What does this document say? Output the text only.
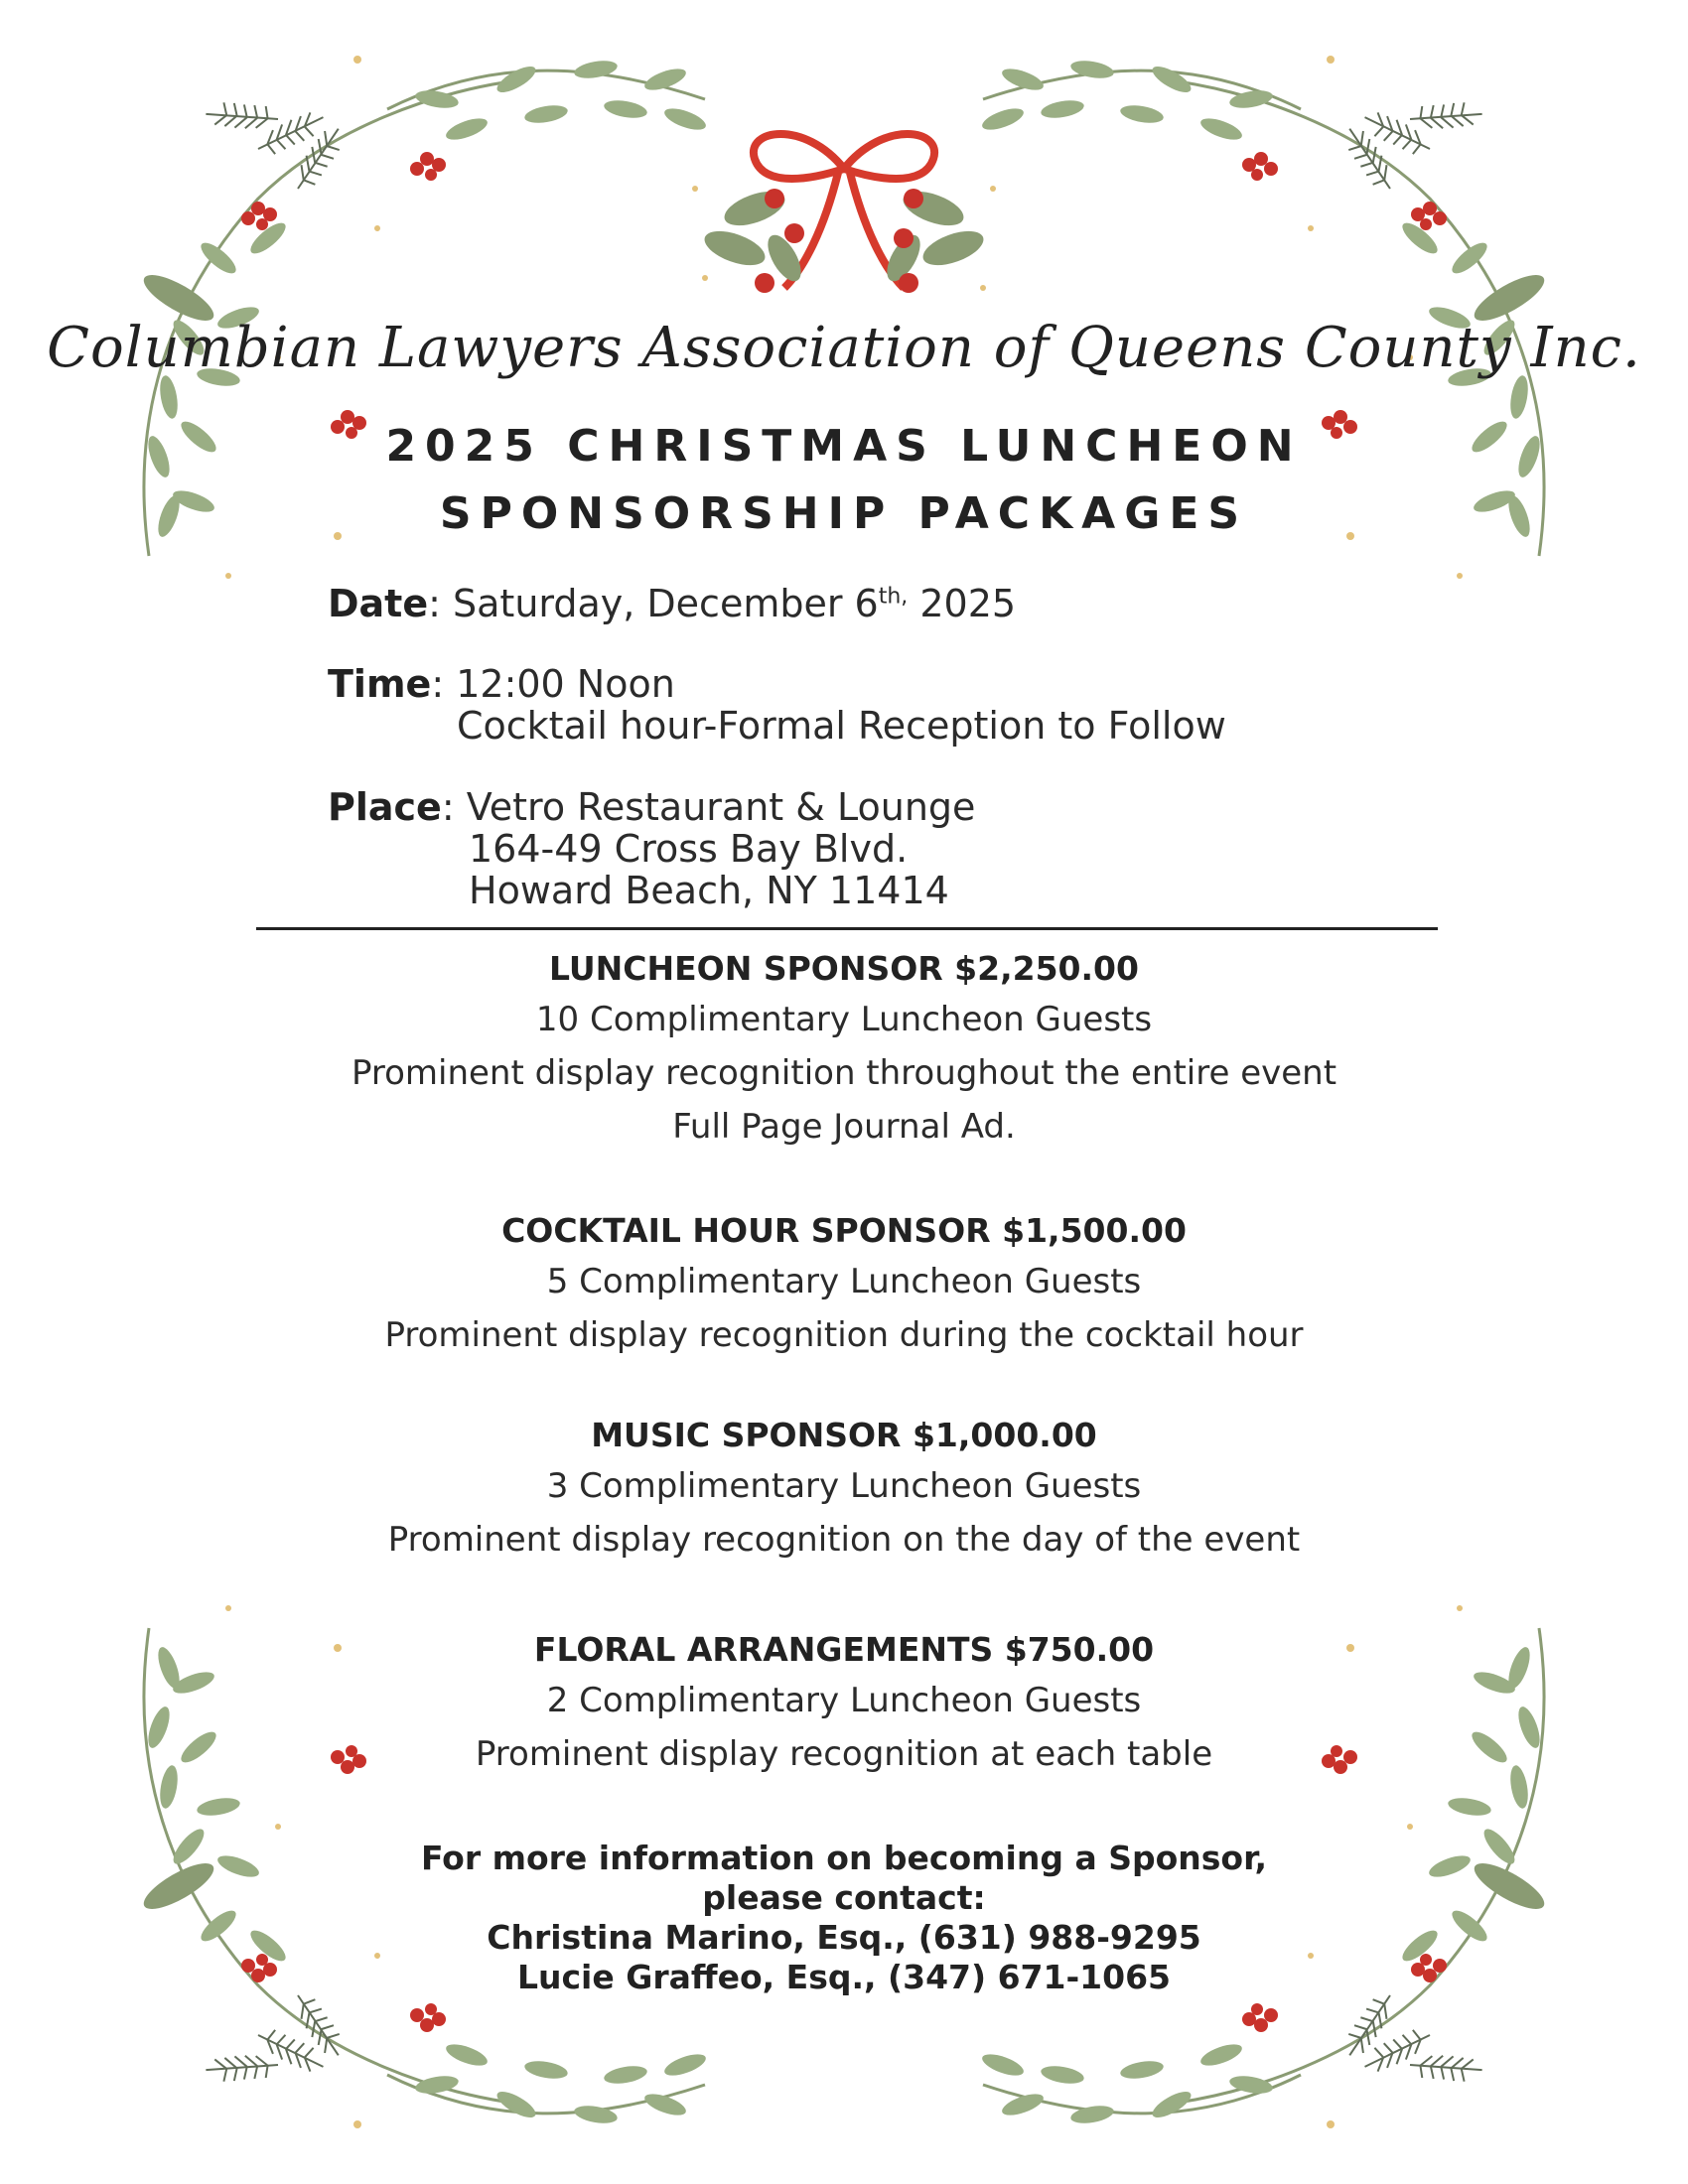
Columbian Lawyers Association of Queens County Inc.
2025 CHRISTMAS LUNCHEON
SPONSORSHIP PACKAGES
Date: Saturday, December $6^{th,}$ 2025
Time: 12:00 Noon
Cocktail hour-Formal Reception to Follow
Place: Vetro Restaurant & Lounge
164-49 Cross Bay Blvd.
Howard Beach, NY 11414
LUNCHEON SPONSOR $2,250.00
10 Complimentary Luncheon Guests
Prominent display recognition throughout the entire event
Full Page Journal Ad.
COCKTAIL HOUR SPONSOR $1,500.00
5 Complimentary Luncheon Guests
Prominent display recognition during the cocktail hour
MUSIC SPONSOR $1,000.00
3 Complimentary Luncheon Guests
Prominent display recognition on the day of the event
FLORAL ARRANGEMENTS $750.00
2 Complimentary Luncheon Guests
Prominent display recognition at each table
For more information on becoming a Sponsor,
please contact:
Christina Marino, Esq., (631) 988-9295
Lucie Graffeo, Esq., (347) 671-1065
